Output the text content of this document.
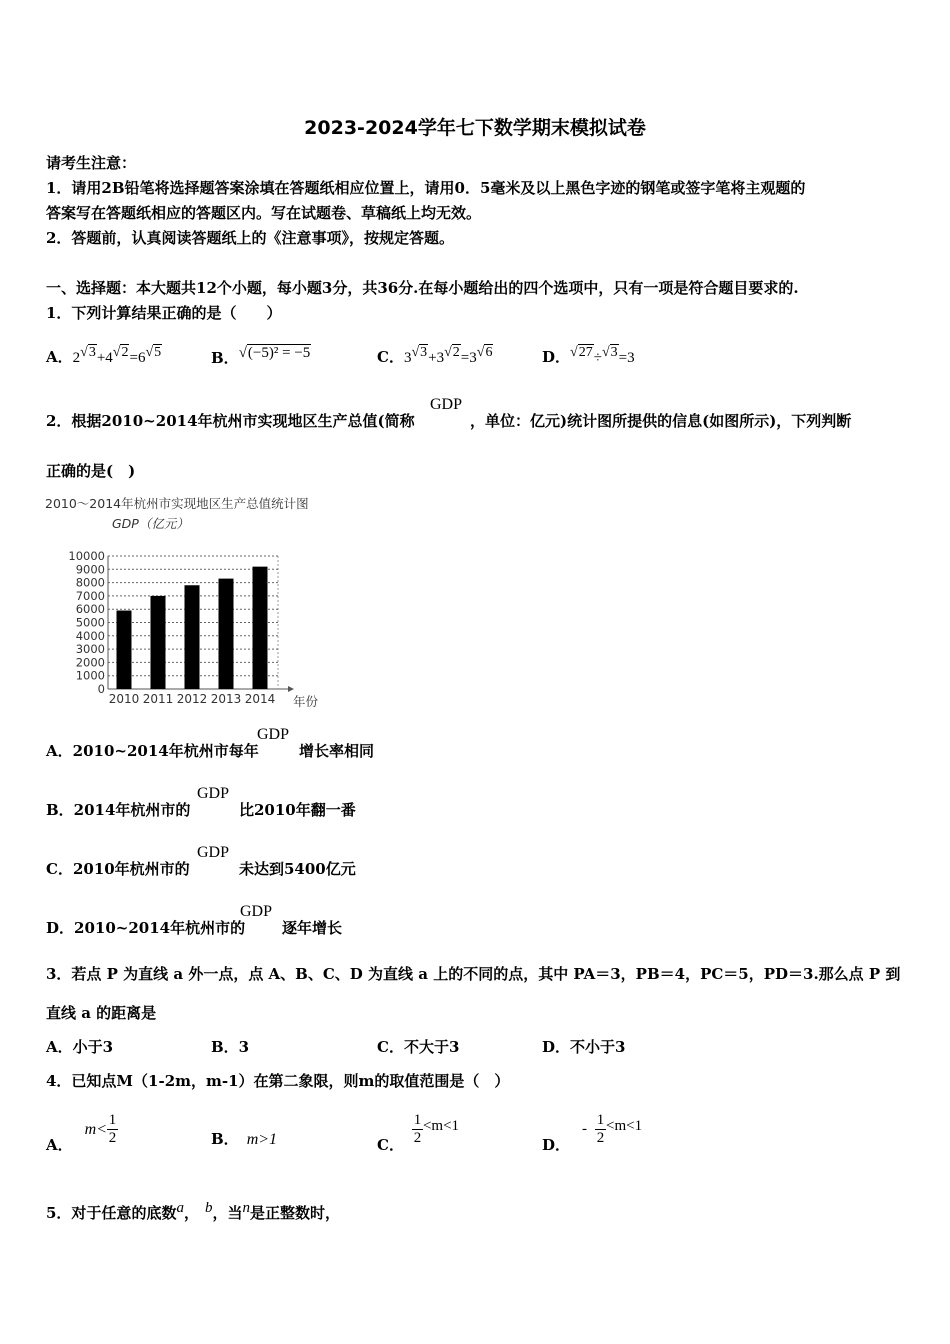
2023-2024学年七下数学期末模拟试卷
请考生注意：
1．请用2B铅笔将选择题答案涂填在答题纸相应位置上，请用0．5毫米及以上黑色字迹的钢笔或签字笔将主观题的
答案写在答题纸相应的答题区内。写在试题卷、草稿纸上均无效。
2．答题前，认真阅读答题纸上的《注意事项》，按规定答题。
一、选择题：本大题共12个小题，每小题3分，共36分.在每小题给出的四个选项中，只有一项是符合题目要求的.
1．下列计算结果正确的是（　　）
A．$2^{√3}+4^{√2}=6^{√5}$	B．$^{√(-5)^2 = -5}$	C．$3^{√3}+3^{√2}=3^{√6}$	D．$^{√27}$÷$^{√3}$=3
2．根据2010~2014年杭州市实现地区生产总值(简称
GDP
，单位：亿元)统计图所提供的信息(如图所示)，下列判断
正确的是(　)
2010～2014年杭州市实现地区生产总值统计图
GDP（亿元）
0
1000
2000
3000
4000
5000
6000
7000
8000
9000
10000
2010 2011 2012 2013 2014 年份
A．2010~2014年杭州市每年
GDP
增长率相同
B．2014年杭州市的
GDP
比2010年翻一番
C．2010年杭州市的
GDP
未达到5400亿元
D．2010~2014年杭州市的
GDP
逐年增长
3．若点 P 为直线 a 外一点，点 A、B、C、D 为直线 a 上的不同的点，其中 PA＝3，PB＝4，PC＝5，PD＝3.那么点 P 到
直线 a 的距离是
A．小于3	B．3	C．不大于3	D．不小于3
4．已知点M（1-2m，m-1）在第二象限，则m的取值范围是（　）
A．
$m< \frac{1}{2}$	B． m>1	C． $\frac{1}{2} <m<1$
D．
- $\frac{1}{2} <m<1$
5．对于任意的底数$^a$， $^b$，当$^n$是正整数时，
